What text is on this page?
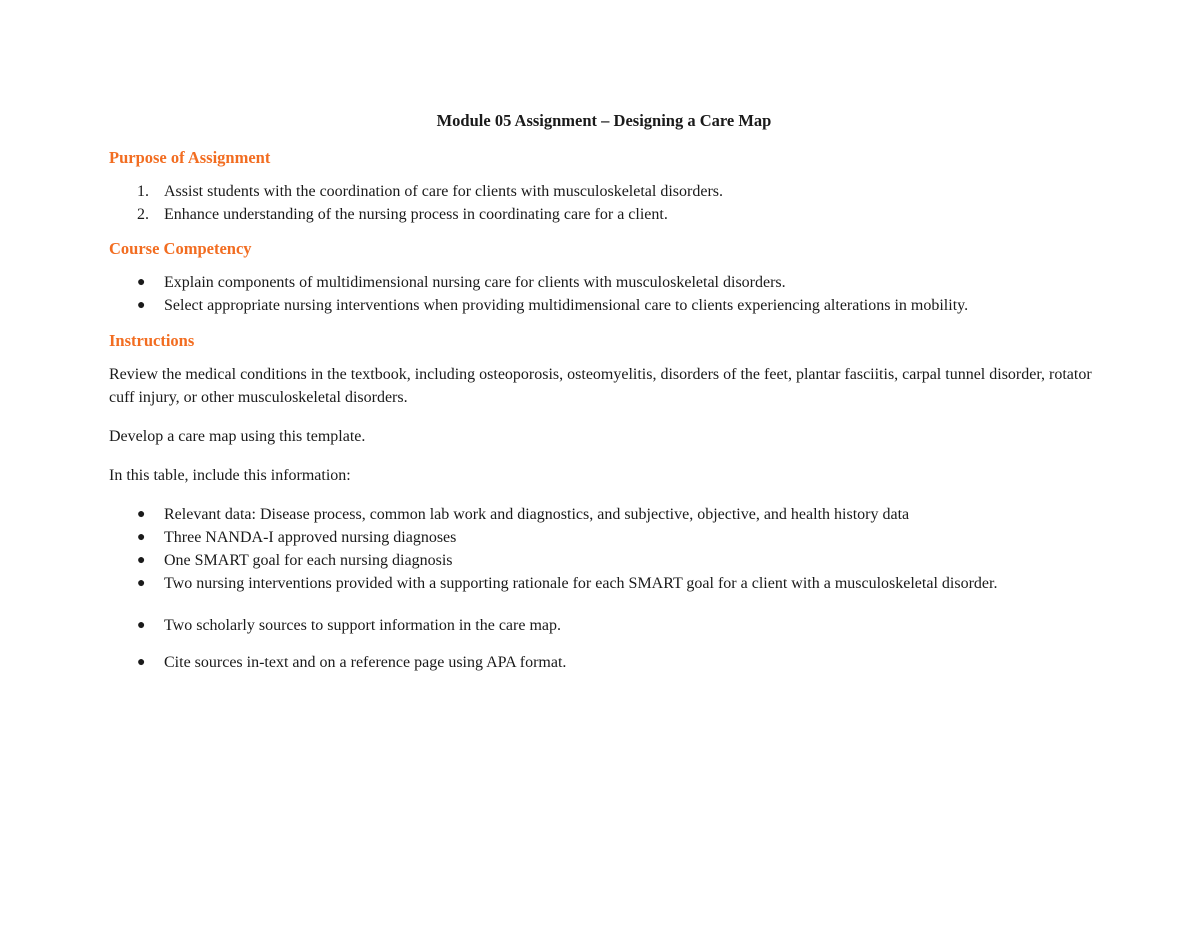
Module 05 Assignment – Designing a Care Map
Purpose of Assignment
1. Assist students with the coordination of care for clients with musculoskeletal disorders.
2. Enhance understanding of the nursing process in coordinating care for a client.
Course Competency
● Explain components of multidimensional nursing care for clients with musculoskeletal disorders.
● Select appropriate nursing interventions when providing multidimensional care to clients experiencing alterations in mobility.
Instructions

Review the medical conditions in the textbook, including osteoporosis, osteomyelitis, disorders of the feet, plantar fasciitis, carpal tunnel disorder, rotator cuff injury, or other musculoskeletal disorders.

Develop a care map using this template.

In this table, include this information:

● Relevant data: Disease process, common lab work and diagnostics, and subjective, objective, and health history data
● Three NANDA-I approved nursing diagnoses
● One SMART goal for each nursing diagnosis
● Two nursing interventions provided with a supporting rationale for each SMART goal for a client with a musculoskeletal disorder.
● Two scholarly sources to support information in the care map.
● Cite sources in-text and on a reference page using APA format.
